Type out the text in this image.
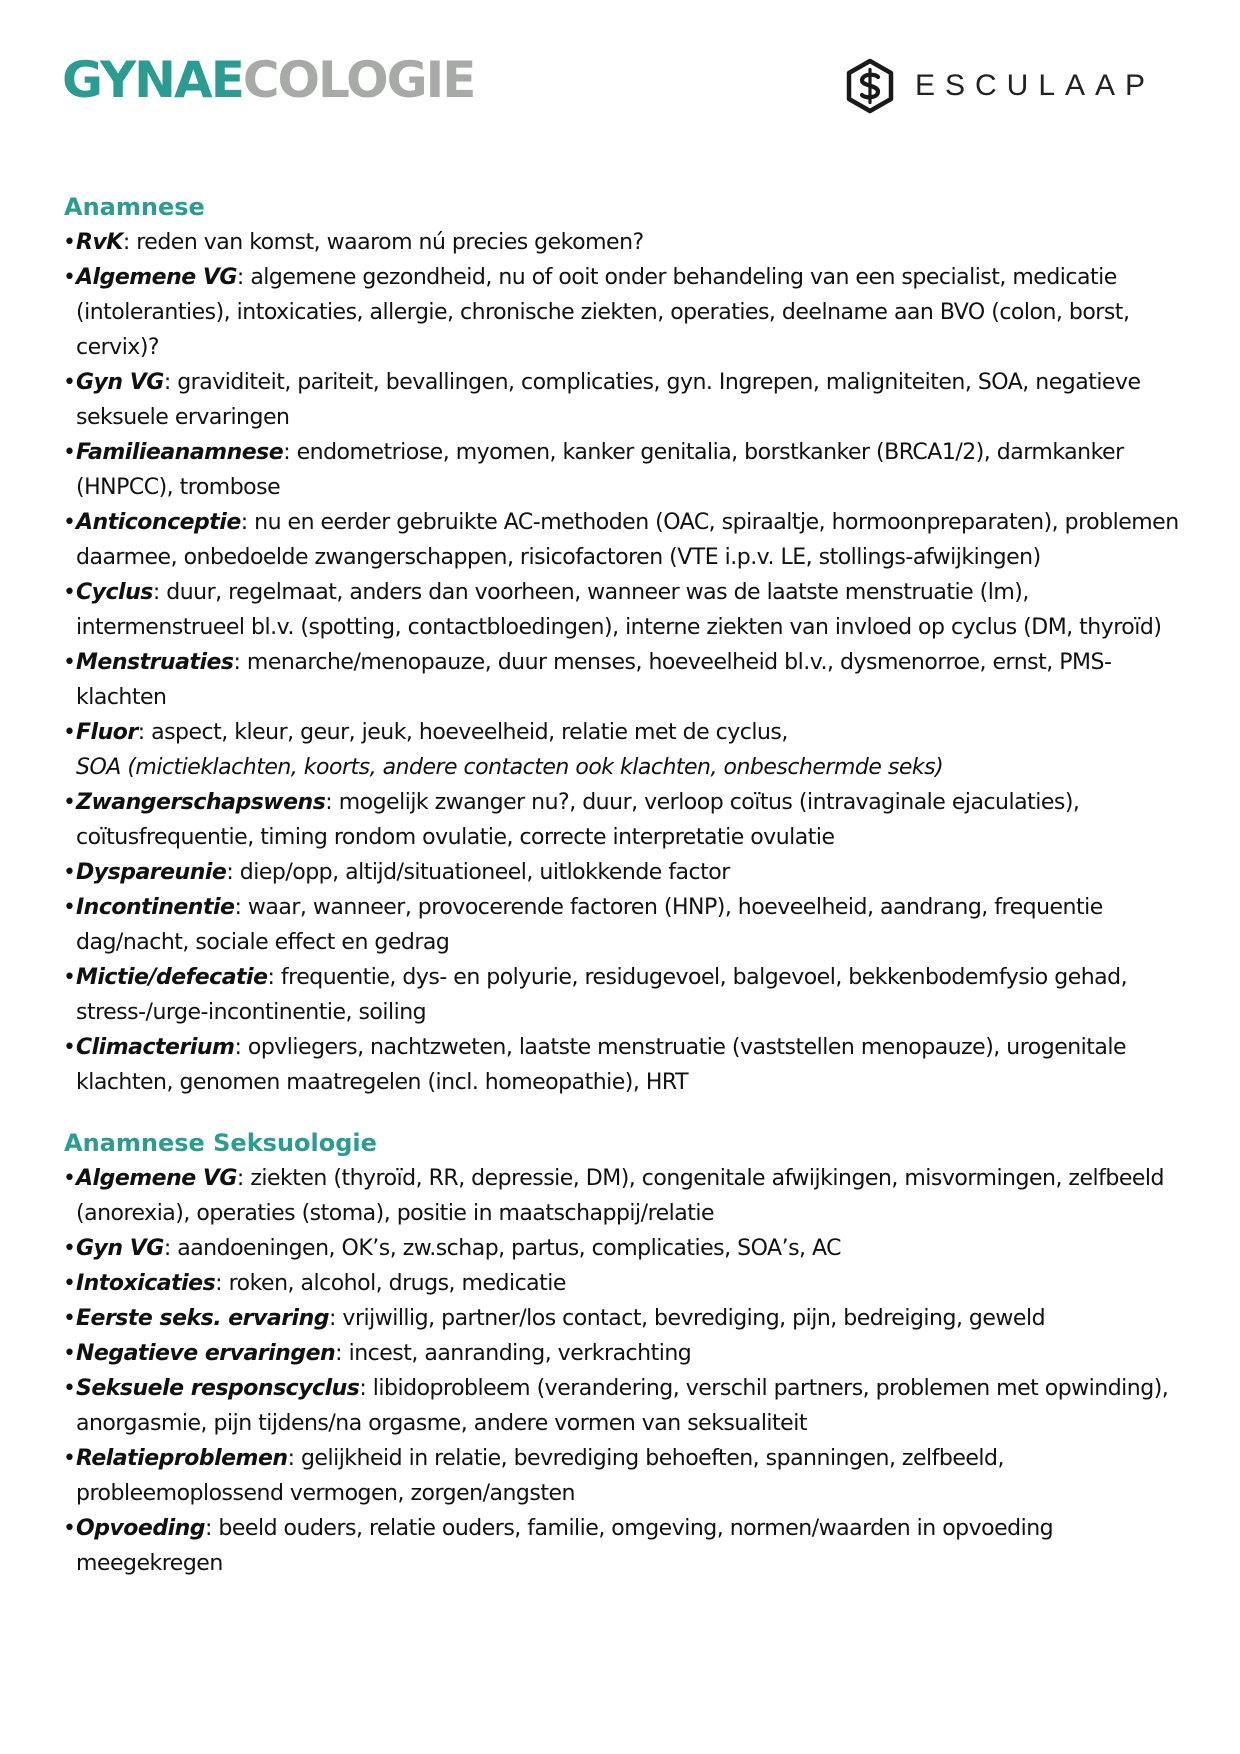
GYNAECOLOGIE	ESCULAAP
Anamnese
• RvK: reden van komst, waarom nú precies gekomen?
• Algemene VG: algemene gezondheid, nu of ooit onder behandeling van een specialist, medicatie (intoleranties), intoxicaties, allergie, chronische ziekten, operaties, deelname aan BVO (colon, borst, cervix)?
• Gyn VG: graviditeit, pariteit, bevallingen, complicaties, gyn. Ingrepen, maligniteiten, SOA, negatieve seksuele ervaringen
• Familieanamnese: endometriose, myomen, kanker genitalia, borstkanker (BRCA1/2), darmkanker (HNPCC), trombose
• Anticonceptie: nu en eerder gebruikte AC-methoden (OAC, spiraaltje, hormoonpreparaten), problemen daarmee, onbedoelde zwangerschappen, risicofactoren (VTE i.p.v. LE, stollings-afwijkingen)
• Cyclus: duur, regelmaat, anders dan voorheen, wanneer was de laatste menstruatie (lm), intermenstrueel bl.v. (spotting, contactbloedingen), interne ziekten van invloed op cyclus (DM, thyroïd)
• Menstruaties: menarche/menopauze, duur menses, hoeveelheid bl.v., dysmenorroe, ernst, PMS-klachten
• Fluor: aspect, kleur, geur, jeuk, hoeveelheid, relatie met de cyclus,
SOA (mictieklachten, koorts, andere contacten ook klachten, onbeschermde seks)
• Zwangerschapswens: mogelijk zwanger nu?, duur, verloop coïtus (intravaginale ejaculaties), coïtusfrequentie, timing rondom ovulatie, correcte interpretatie ovulatie
• Dyspareunie: diep/opp, altijd/situationeel, uitlokkende factor
• Incontinentie: waar, wanneer, provocerende factoren (HNP), hoeveelheid, aandrang, frequentie dag/nacht, sociale effect en gedrag
• Mictie/defecatie: frequentie, dys- en polyurie, residugevoel, balgevoel, bekkenbodemfysio gehad, stress-/urge-incontinentie, soiling
• Climacterium: opvliegers, nachtzweten, laatste menstruatie (vaststellen menopauze), urogenitale klachten, genomen maatregelen (incl. homeopathie), HRT
Anamnese Seksuologie
• Algemene VG: ziekten (thyroïd, RR, depressie, DM), congenitale afwijkingen, misvormingen, zelfbeeld (anorexia), operaties (stoma), positie in maatschappij/relatie
• Gyn VG: aandoeningen, OK’s, zw.schap, partus, complicaties, SOA’s, AC
• Intoxicaties: roken, alcohol, drugs, medicatie
• Eerste seks. ervaring: vrijwillig, partner/los contact, bevrediging, pijn, bedreiging, geweld
• Negatieve ervaringen: incest, aanranding, verkrachting
• Seksuele responscyclus: libidoprobleem (verandering, verschil partners, problemen met opwinding), anorgasmie, pijn tijdens/na orgasme, andere vormen van seksualiteit
• Relatieproblemen: gelijkheid in relatie, bevrediging behoeften, spanningen, zelfbeeld, probleemoplossend vermogen, zorgen/angsten
• Opvoeding: beeld ouders, relatie ouders, familie, omgeving, normen/waarden in opvoeding meegekregen
